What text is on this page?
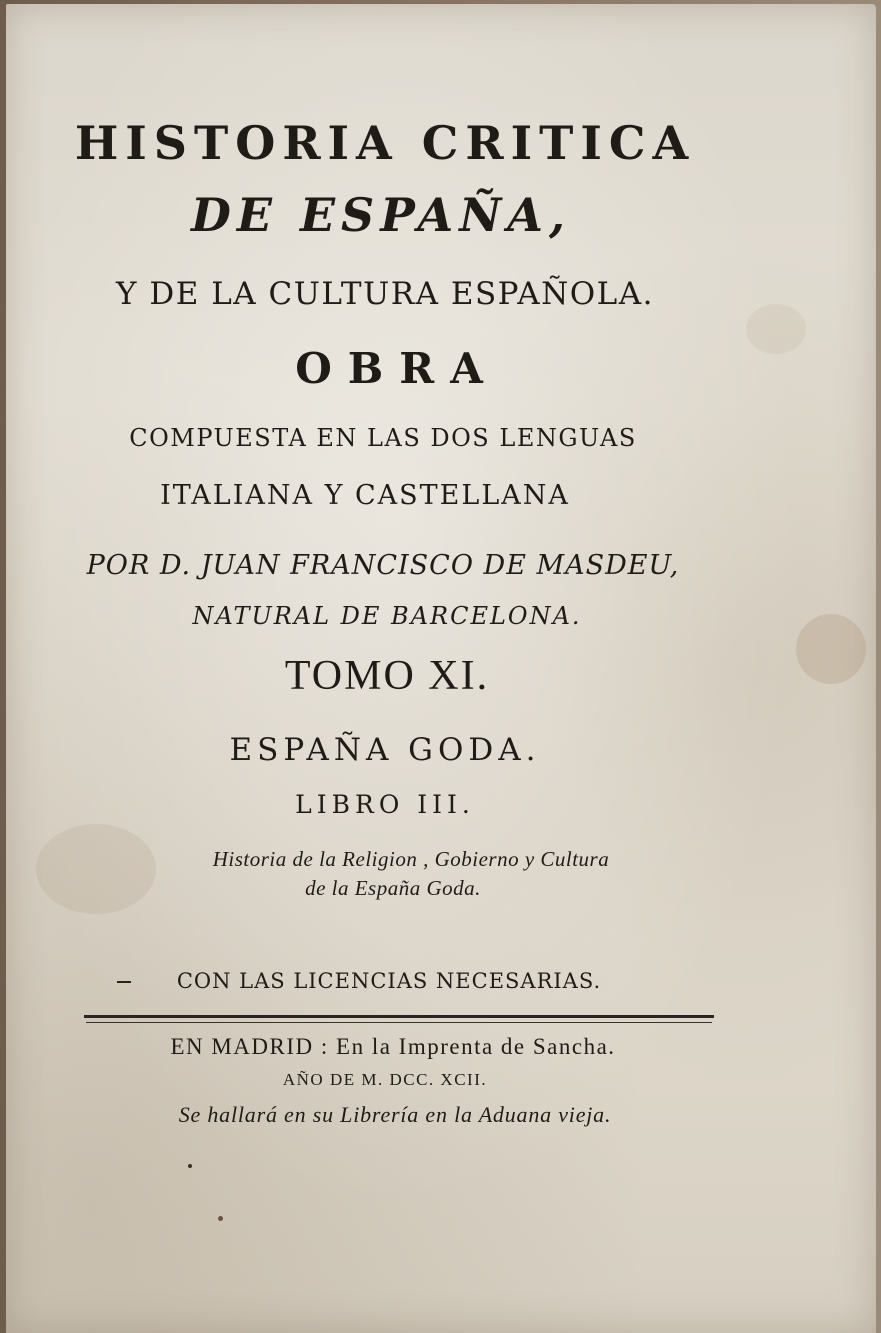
HISTORIA CRITICA
DE ESPAÑA,
Y DE LA CULTURA ESPAÑOLA.
OBRA
COMPUESTA EN LAS DOS LENGUAS
ITALIANA Y CASTELLANA
POR D. JUAN FRANCISCO DE MASDEU,
NATURAL DE BARCELONA.
TOMO XI.
ESPAÑA GODA.
LIBRO III.
Historia de la Religion , Gobierno y Cultura
de la España Goda.
CON LAS LICENCIAS NECESARIAS.
EN MADRID : En la Imprenta de Sancha.
AÑO DE M. DCC. XCII.
Se hallará en su Librería en la Aduana vieja.
